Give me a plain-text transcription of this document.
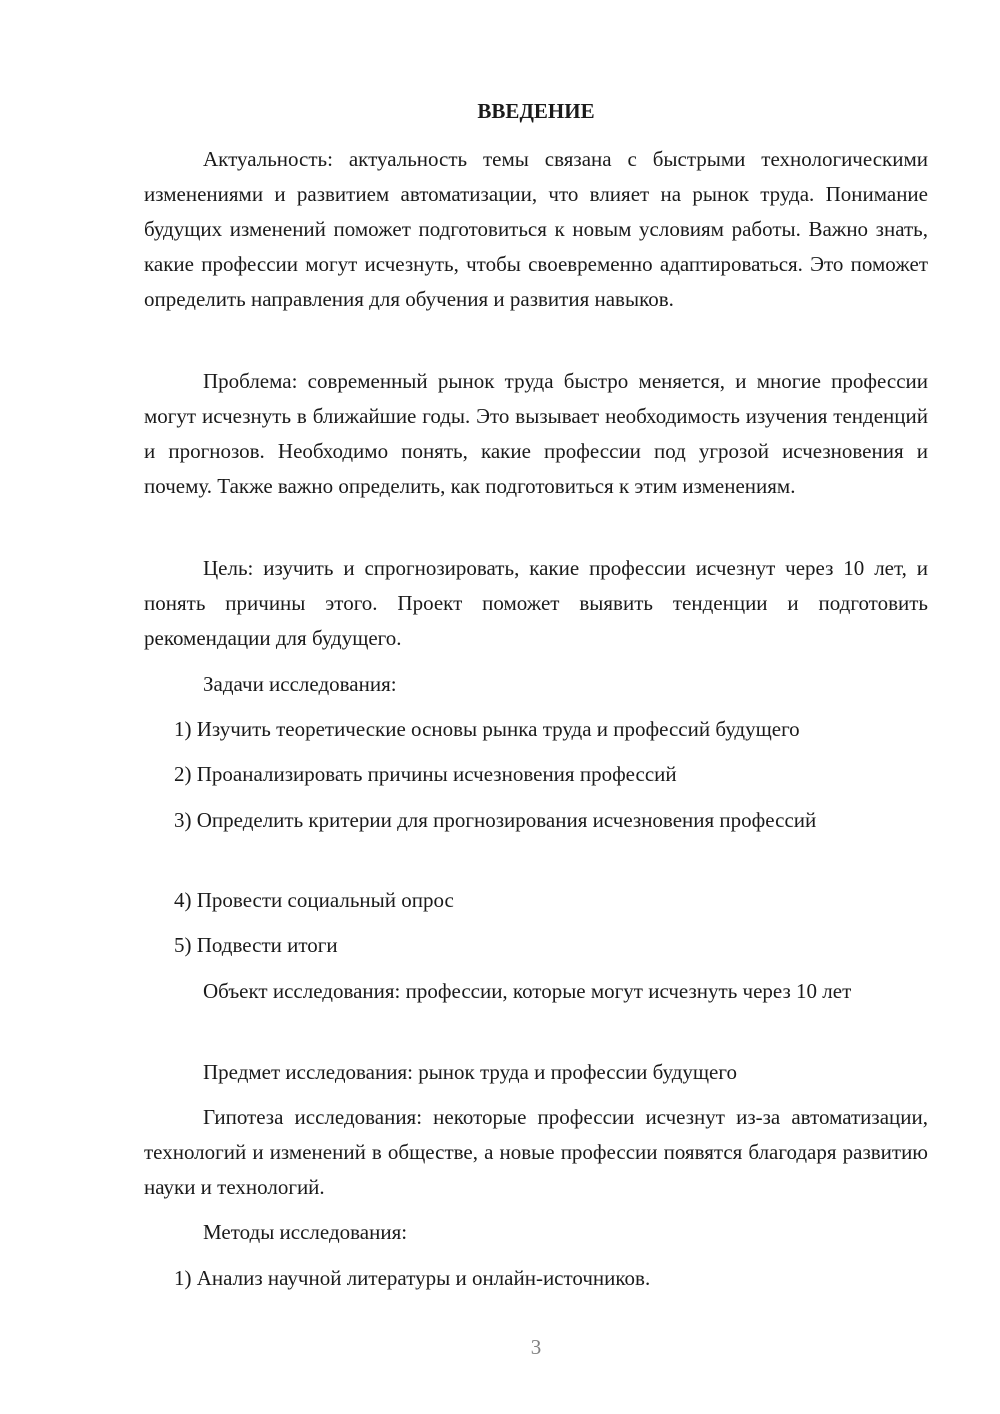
ВВЕДЕНИЕ

Актуальность: актуальность темы связана с быстрыми технологическими изменениями и развитием автоматизации, что влияет на рынок труда. Понимание будущих изменений поможет подготовиться к новым условиям работы. Важно знать, какие профессии могут исчезнуть, чтобы своевременно адаптироваться. Это поможет определить направления для обучения и развития навыков.

Проблема: современный рынок труда быстро меняется, и многие профессии могут исчезнуть в ближайшие годы. Это вызывает необходимость изучения тенденций и прогнозов. Необходимо понять, какие профессии под угрозой исчезновения и почему. Также важно определить, как подготовиться к этим изменениям.

Цель: изучить и спрогнозировать, какие профессии исчезнут через 10 лет, и понять причины этого. Проект поможет выявить тенденции и подготовить рекомендации для будущего.

Задачи исследования:

1) Изучить теоретические основы рынка труда и профессий будущего

2) Проанализировать причины исчезновения профессий

3) Определить критерии для прогнозирования исчезновения профессий

4) Провести социальный опрос

5) Подвести итоги

Объект исследования: профессии, которые могут исчезнуть через 10 лет

Предмет исследования: рынок труда и профессии будущего

Гипотеза исследования: некоторые профессии исчезнут из-за автоматизации, технологий и изменений в обществе, а новые профессии появятся благодаря развитию науки и технологий.

Методы исследования:

1) Анализ научной литературы и онлайн-источников.

3
